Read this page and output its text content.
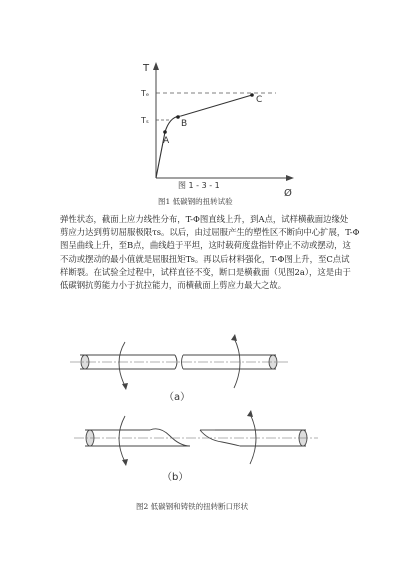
T
Ø
Tₑ
Tₛ
A
B
C
图 1 - 3 - 1
图1 低碳钢的扭转试验
弹性状态，截面上应力线性分布，T-Φ图直线上升，到A点，试样横截面边缘处
剪应力达到剪切屈服极限τs。以后，由过屈服产生的塑性区不断向中心扩展，T-Φ
图呈曲线上升，至B点，曲线趋于平坦，这时载荷度盘指针停止不动或摆动，这
不动或摆动的最小值就是屈服扭矩Ts。再以后材料强化，T-Φ图上升，至C点试
样断裂。在试验全过程中，试样直径不变，断口是横截面（见图2a），这是由于
低碳钢抗剪能力小于抗拉能力，而横截面上剪应力最大之故。
（a）
（b）
图2 低碳钢和铸铁的扭转断口形状
